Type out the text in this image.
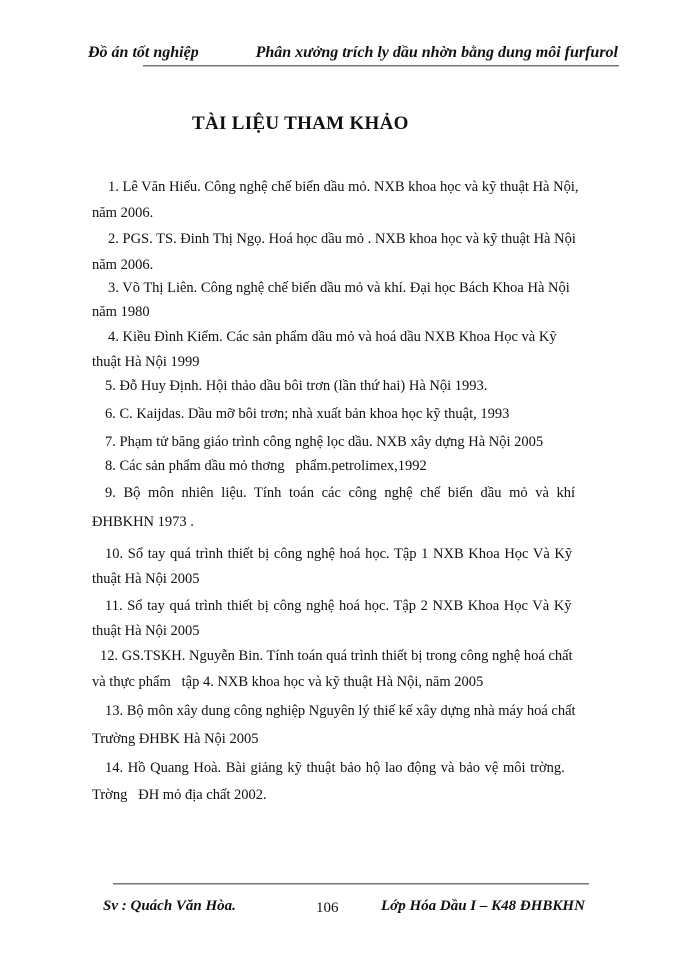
Đồ án tốt nghiệp	Phân xưởng trích ly dầu nhờn bằng dung môi furfurol
TÀI LIỆU THAM KHẢO
1. Lê Văn Hiếu. Công nghệ chế biến dầu mỏ. NXB khoa học và kỹ thuật Hà Nội,
năm 2006.
2. PGS. TS. Đinh Thị Ngọ. Hoá học dầu mỏ . NXB khoa học và kỹ thuật Hà Nội
năm 2006.
3. Võ Thị Liên. Công nghệ chế biến dầu mỏ và khí. Đại học Bách Khoa Hà Nội
năm 1980
4. Kiều Đình Kiểm. Các sản phẩm dầu mỏ và hoá dầu NXB Khoa Học và Kỹ
thuật Hà Nội 1999
5. Đỗ Huy Định. Hội thảo dầu bôi trơn (lần thứ hai) Hà Nội 1993.
6. C. Kaijdas. Dầu mỡ bôi trơn; nhà xuất bản khoa học kỹ thuật, 1993
7. Phạm tử băng giáo trình công nghệ lọc dầu. NXB xây dựng Hà Nội 2005
8. Các sản phẩm dầu mỏ thơng   phẩm.petrolimex,1992
9. Bộ môn nhiên liệu. Tính toán các công nghệ chế biến dầu mỏ và khí
ĐHBKHN 1973 .
10. Sổ tay quá trình thiết bị công nghệ hoá học. Tập 1 NXB Khoa Học Và Kỹ
thuật Hà Nội 2005
11. Sổ tay quá trình thiết bị công nghệ hoá học. Tập 2 NXB Khoa Học Và Kỹ
thuật Hà Nội 2005
12. GS.TSKH. Nguyễn Bin. Tính toán quá trình thiết bị trong công nghệ hoá chất
và thực phẩm   tập 4. NXB khoa học và kỹ thuật Hà Nội, năm 2005
13. Bộ môn xây dung công nghiệp Nguyên lý thiế kế xây dựng nhà máy hoá chất
Trường ĐHBK Hà Nội 2005
14. Hồ Quang Hoà. Bài giảng kỹ thuật bảo hộ lao động và bảo vệ môi trờng.
Trờng   ĐH mỏ địa chất 2002.
Sv : Quách Văn Hòa.	106	Lớp Hóa Dầu I – K48 ĐHBKHN
